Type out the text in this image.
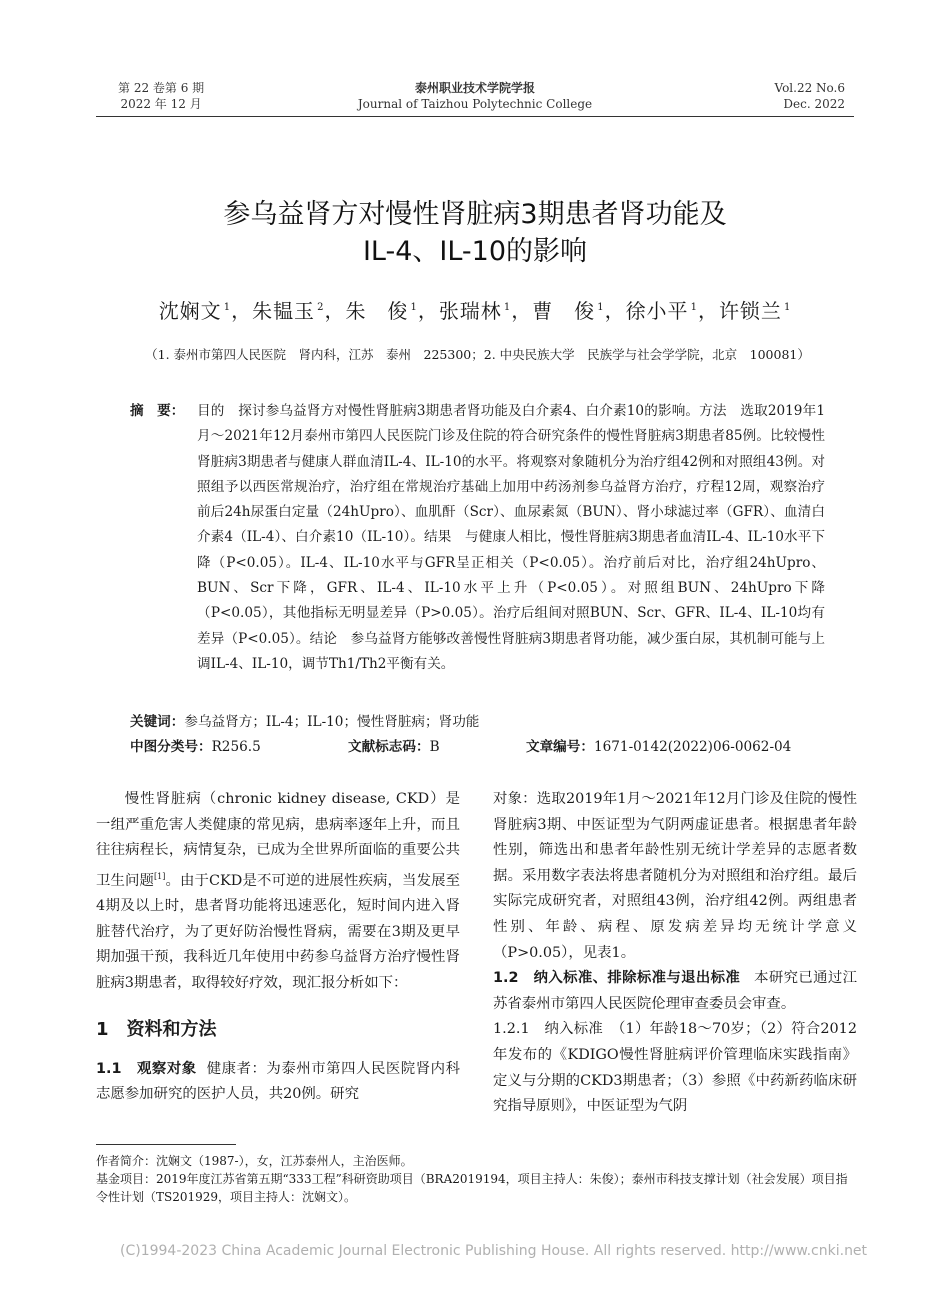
第 22 卷第 6 期
2022 年 12 月
泰州职业技术学院学报
Journal of Taizhou Polytechnic College
Vol.22 No.6
Dec. 2022
参乌益肾方对慢性肾脏病3期患者肾功能及
IL-4、IL-10的影响
沈娴文 $^1$，朱韫玉 $^2$，朱　俊 $^1$，张瑞林 $^1$，曹　俊 $^1$，徐小平 $^1$，许锁兰 $^1$
（1. 泰州市第四人民医院　肾内科，江苏　泰州　225300；2. 中央民族大学　民族学与社会学学院，北京　100081）
摘　要： 目的　探讨参乌益肾方对慢性肾脏病3期患者肾功能及白介素4、白介素10的影响。方法　选取2019年1月～2021年12月泰州市第四人民医院门诊及住院的符合研究条件的慢性肾脏病3期患者85例。比较慢性肾脏病3期患者与健康人群血清IL-4、IL-10的水平。将观察对象随机分为治疗组42例和对照组43例。对照组予以西医常规治疗，治疗组在常规治疗基础上加用中药汤剂参乌益肾方治疗，疗程12周，观察治疗前后24h尿蛋白定量（24hUpro）、血肌酐（Scr）、血尿素氮（BUN）、肾小球滤过率（GFR）、血清白介素4（IL-4）、白介素10（IL-10）。结果　与健康人相比，慢性肾脏病3期患者血清IL-4、IL-10水平下降（P<0.05）。IL-4、IL-10水平与GFR呈正相关（P<0.05）。治疗前后对比，治疗组24hUpro、BUN、Scr下降，GFR、IL-4、IL-10水平上升（P<0.05）。对照组BUN、24hUpro下降（P<0.05），其他指标无明显差异（P>0.05）。治疗后组间对照BUN、Scr、GFR、IL-4、IL-10均有差异（P<0.05）。结论　参乌益肾方能够改善慢性肾脏病3期患者肾功能，减少蛋白尿，其机制可能与上调IL-4、IL-10，调节Th1/Th2平衡有关。
关键词：参乌益肾方；IL-4；IL-10；慢性肾脏病；肾功能
中图分类号：R256.5	文献标志码：B	文章编号：1671-0142(2022)06-0062-04

慢性肾脏病（chronic kidney disease, CKD）是一组严重危害人类健康的常见病，患病率逐年上升，而且往往病程长，病情复杂，已成为全世界所面临的重要公共卫生问题[1]。由于CKD是不可逆的进展性疾病，当发展至4期及以上时，患者肾功能将迅速恶化，短时间内进入肾脏替代治疗，为了更好防治慢性肾病，需要在3期及更早期加强干预，我科近几年使用中药参乌益肾方治疗慢性肾脏病3期患者，取得较好疗效，现汇报分析如下：

1　资料和方法

1.1　观察对象 健康者：为泰州市第四人民医院肾内科志愿参加研究的医护人员，共20例。研究

对象：选取2019年1月～2021年12月门诊及住院的慢性肾脏病3期、中医证型为气阴两虚证患者。根据患者年龄性别，筛选出和患者年龄性别无统计学差异的志愿者数据。采用数字表法将患者随机分为对照组和治疗组。最后实际完成研究者，对照组43例，治疗组42例。两组患者性别、年龄、病程、原发病差异均无统计学意义（P>0.05），见表1。

1.2　纳入标准、排除标准与退出标准 本研究已通过江苏省泰州市第四人民医院伦理审查委员会审查。

1.2.1　纳入标准 （1）年龄18～70岁；（2）符合2012年发布的《KDIGO慢性肾脏病评价管理临床实践指南》定义与分期的CKD3期患者；（3）参照《中药新药临床研究指导原则》，中医证型为气阴

作者简介：沈娴文（1987-），女，江苏泰州人，主治医师。
基金项目：2019年度江苏省第五期“333工程”科研资助项目（BRA2019194，项目主持人：朱俊）；泰州市科技支撑计划（社会发展）项目指令性计划（TS201929，项目主持人：沈娴文）。
(C)1994-2023 China Academic Journal Electronic Publishing House. All rights reserved. http://www.cnki.net
